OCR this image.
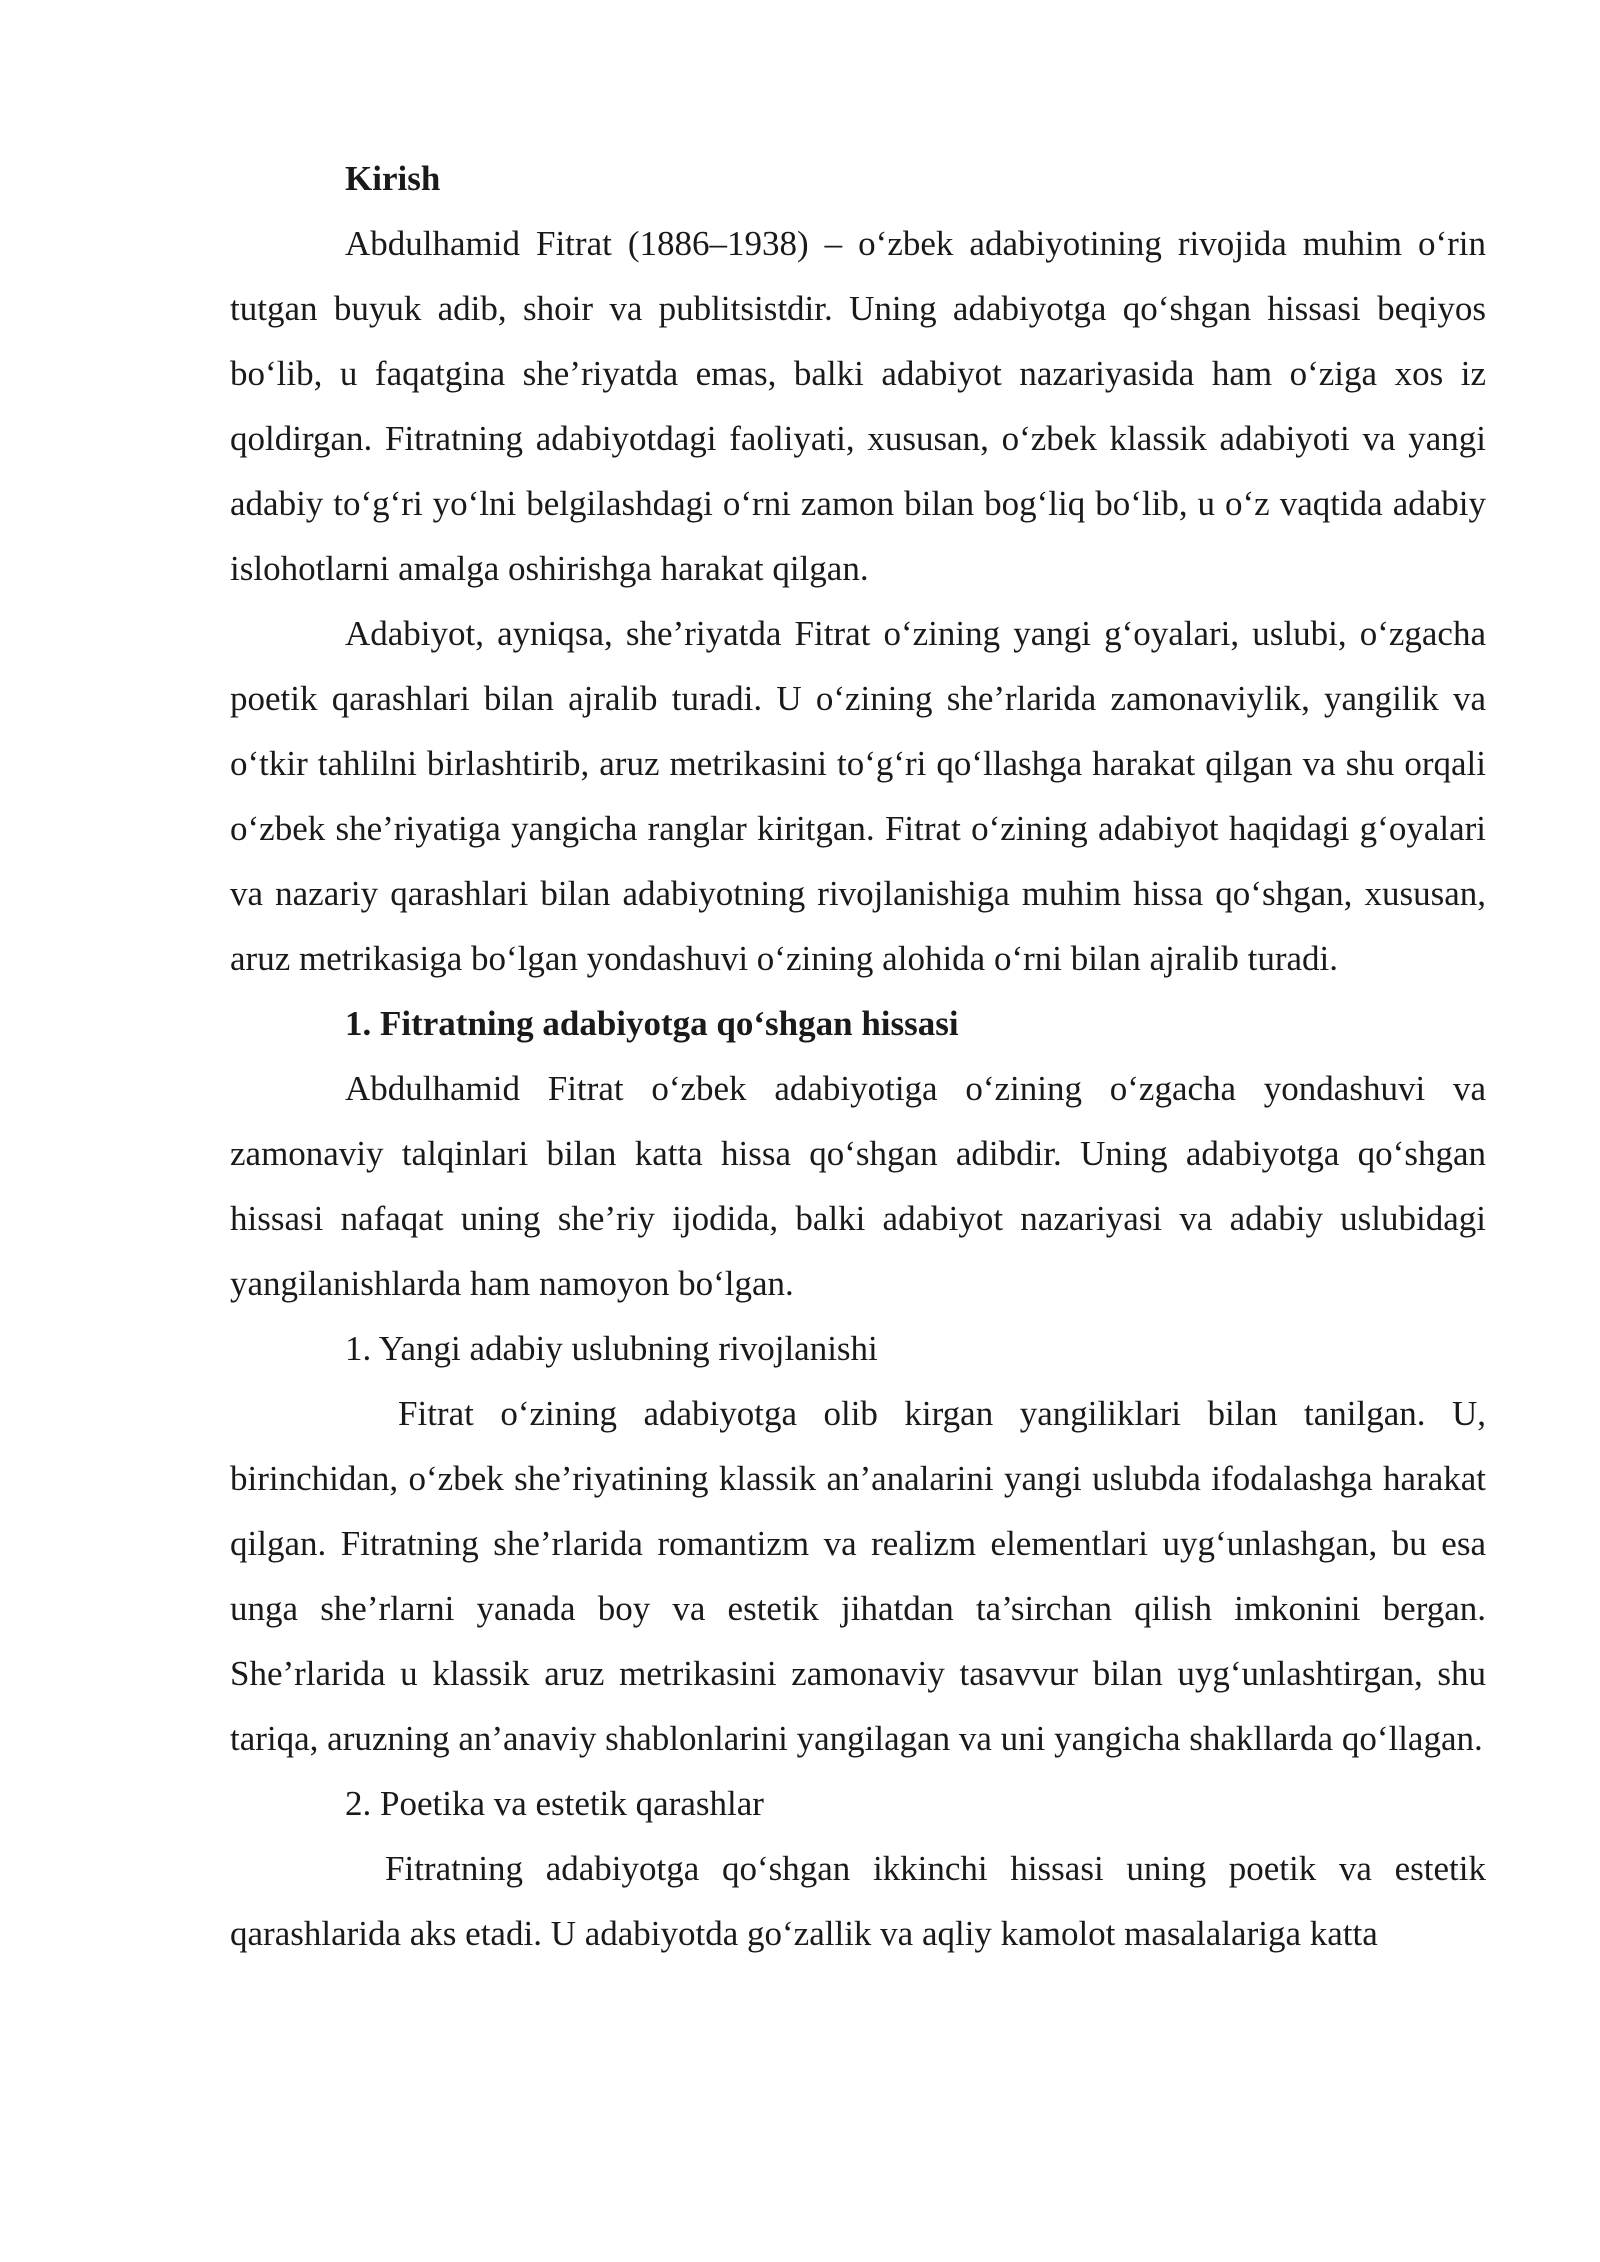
Kirish

Abdulhamid Fitrat (1886–1938) – o‘zbek adabiyotining rivojida muhim o‘rin tutgan buyuk adib, shoir va publitsistdir. Uning adabiyotga qo‘shgan hissasi beqiyos bo‘lib, u faqatgina she’riyatda emas, balki adabiyot nazariyasida ham o‘ziga xos iz qoldirgan. Fitratning adabiyotdagi faoliyati, xususan, o‘zbek klassik adabiyoti va yangi adabiy to‘g‘ri yo‘lni belgilashdagi o‘rni zamon bilan bog‘liq bo‘lib, u o‘z vaqtida adabiy islohotlarni amalga oshirishga harakat qilgan.

Adabiyot, ayniqsa, she’riyatda Fitrat o‘zining yangi g‘oyalari, uslubi, o‘zgacha poetik qarashlari bilan ajralib turadi. U o‘zining she’rlarida zamonaviylik, yangilik va o‘tkir tahlilni birlashtirib, aruz metrikasini to‘g‘ri qo‘llashga harakat qilgan va shu orqali o‘zbek she’riyatiga yangicha ranglar kiritgan. Fitrat o‘zining adabiyot haqidagi g‘oyalari va nazariy qarashlari bilan adabiyotning rivojlanishiga muhim hissa qo‘shgan, xususan, aruz metrikasiga bo‘lgan yondashuvi o‘zining alohida o‘rni bilan ajralib turadi.

1. Fitratning adabiyotga qo‘shgan hissasi

Abdulhamid Fitrat o‘zbek adabiyotiga o‘zining o‘zgacha yondashuvi va zamonaviy talqinlari bilan katta hissa qo‘shgan adibdir. Uning adabiyotga qo‘shgan hissasi nafaqat uning she’riy ijodida, balki adabiyot nazariyasi va adabiy uslubidagi yangilanishlarda ham namoyon bo‘lgan.

1. Yangi adabiy uslubning rivojlanishi

Fitrat o‘zining adabiyotga olib kirgan yangiliklari bilan tanilgan. U, birinchidan, o‘zbek she’riyatining klassik an’analarini yangi uslubda ifodalashga harakat qilgan. Fitratning she’rlarida romantizm va realizm elementlari uyg‘unlashgan, bu esa unga she’rlarni yanada boy va estetik jihatdan ta’sirchan qilish imkonini bergan. She’rlarida u klassik aruz metrikasini zamonaviy tasavvur bilan uyg‘unlashtirgan, shu tariqa, aruzning an’anaviy shablonlarini yangilagan va uni yangicha shakllarda qo‘llagan.

2. Poetika va estetik qarashlar

Fitratning adabiyotga qo‘shgan ikkinchi hissasi uning poetik va estetik qarashlarida aks etadi. U adabiyotda go‘zallik va aqliy kamolot masalalariga katta
